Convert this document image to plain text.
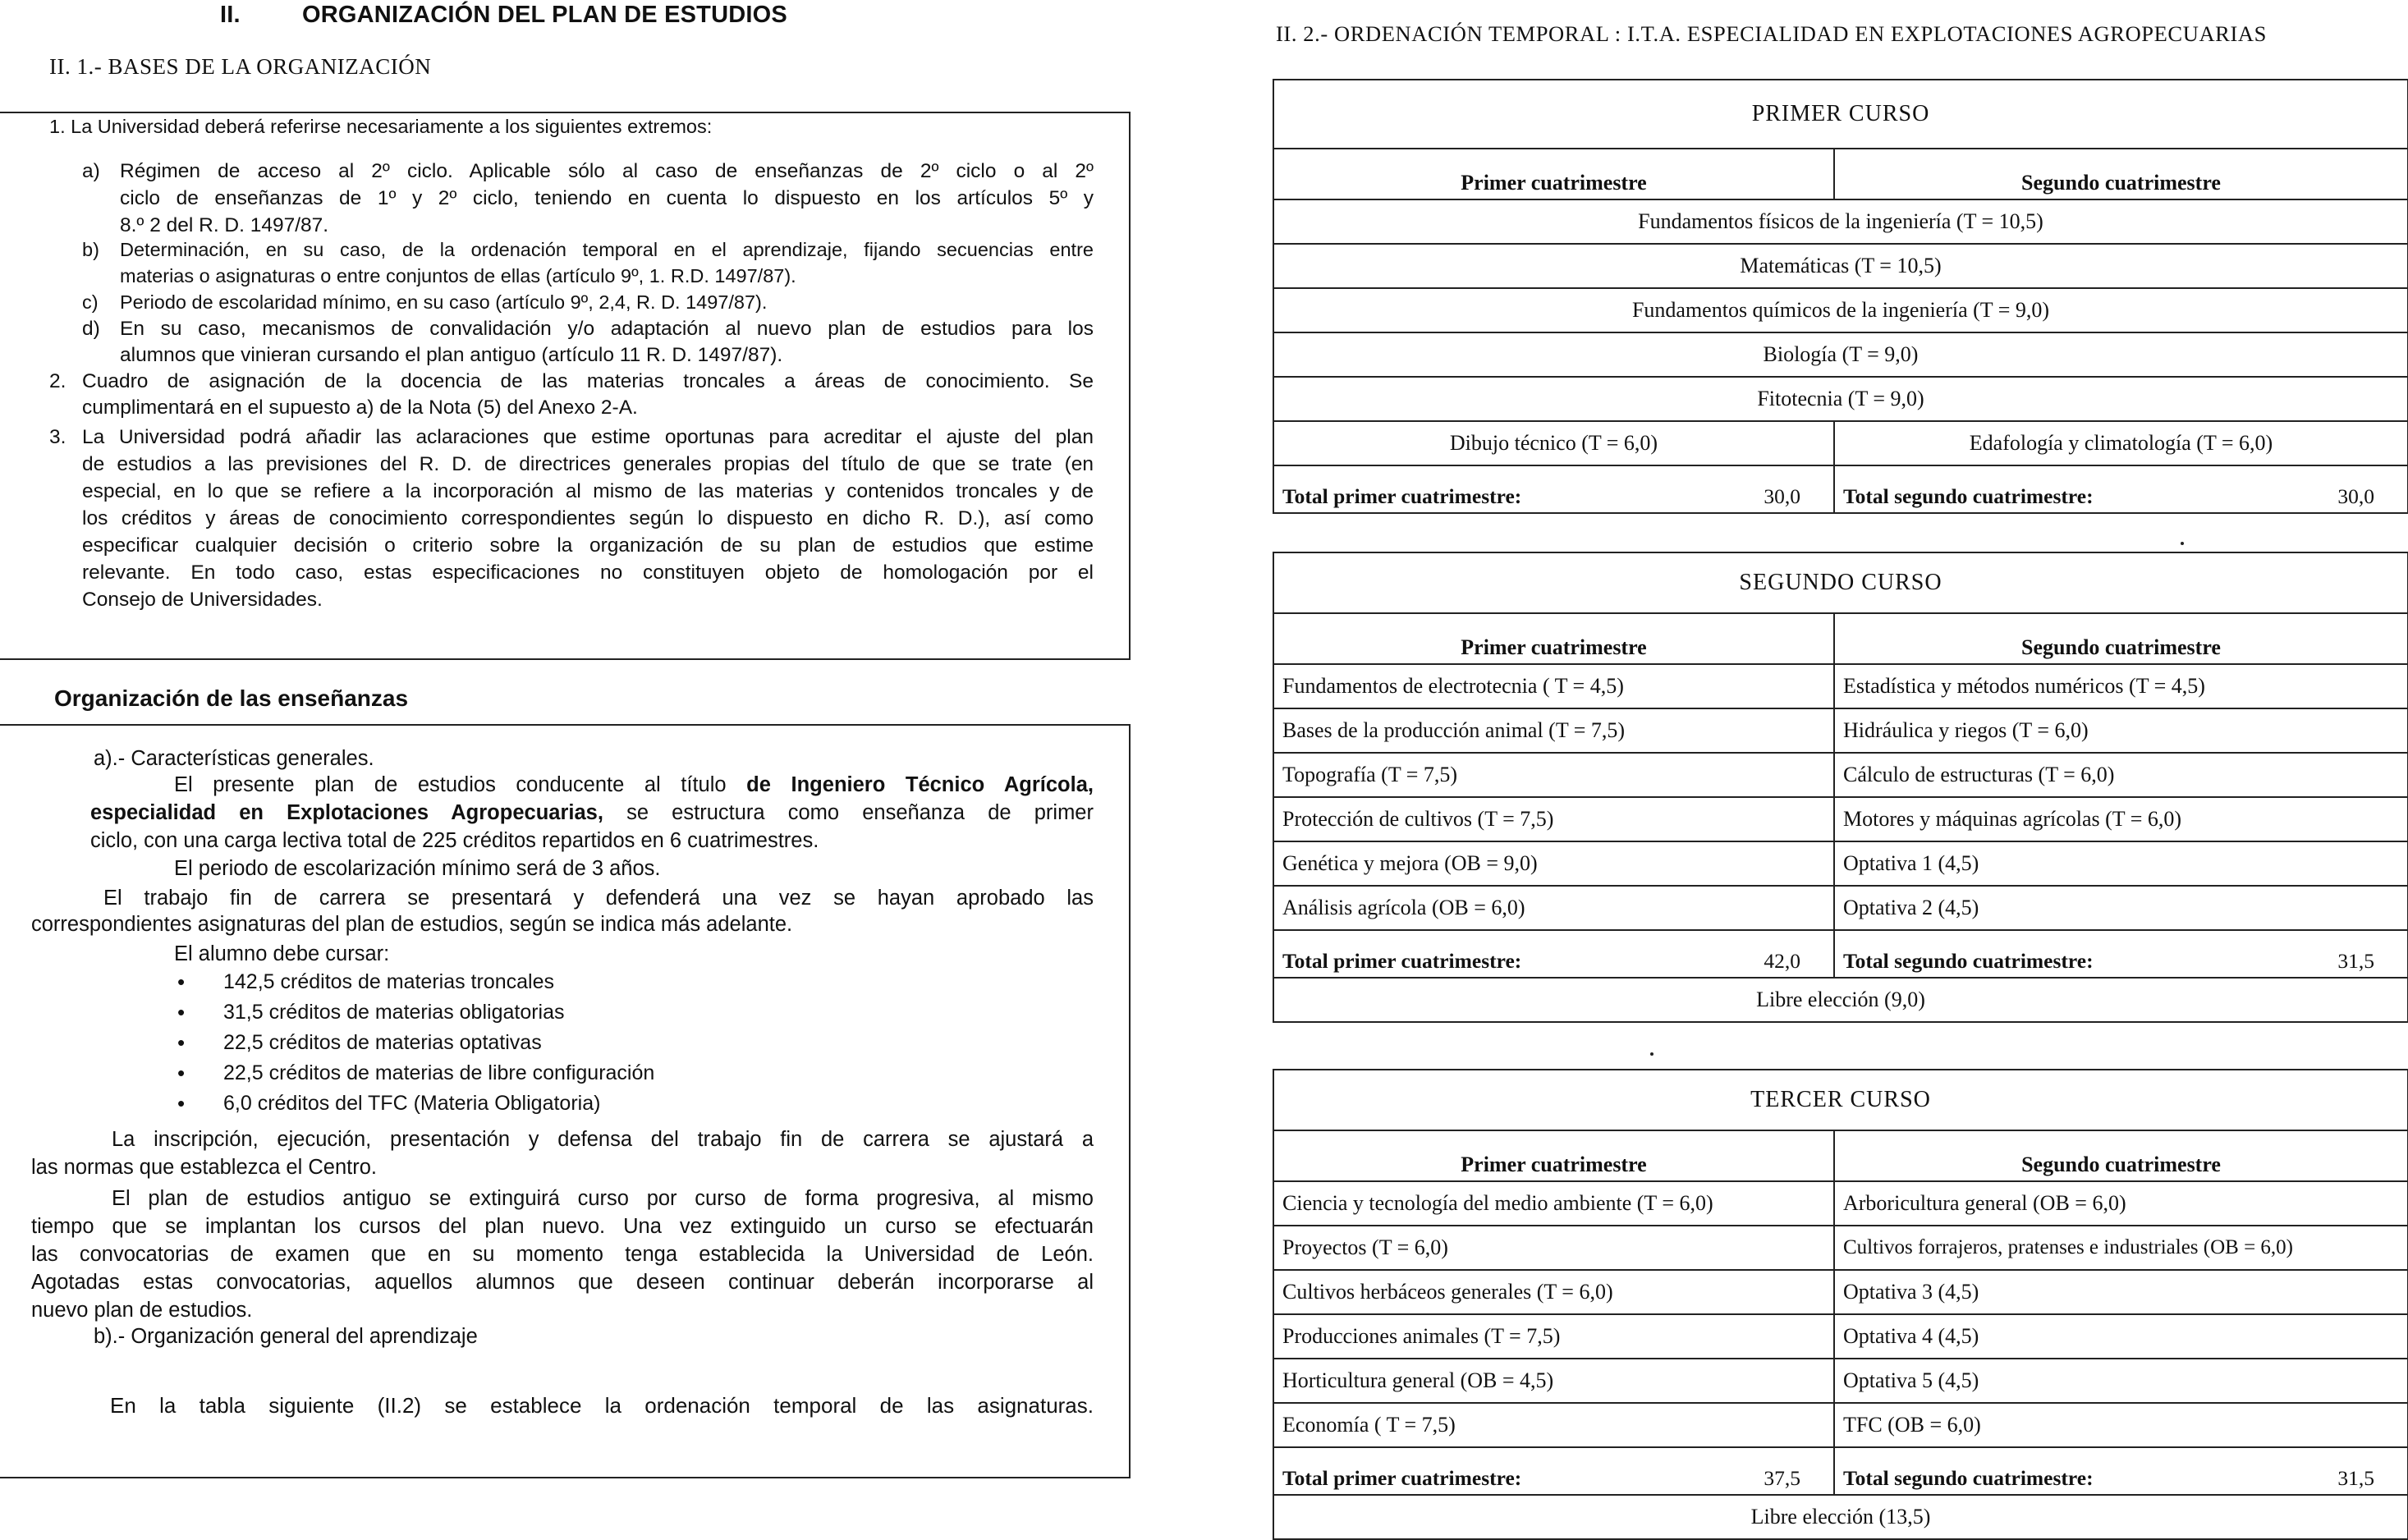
II.	ORGANIZACIÓN DEL PLAN DE ESTUDIOS
II. 1.- BASES DE LA ORGANIZACIÓN
1. La Universidad deberá referirse necesariamente a los siguientes extremos:
a) Régimen de acceso al 2º ciclo. Aplicable sólo al caso de enseñanzas de 2º ciclo o al 2º
ciclo de enseñanzas de 1º y 2º ciclo, teniendo en cuenta lo dispuesto en los artículos 5º y
8.º 2 del R. D. 1497/87.
b) Determinación, en su caso, de la ordenación temporal en el aprendizaje, fijando secuencias entre
materias o asignaturas o entre conjuntos de ellas (artículo 9º, 1. R.D. 1497/87).
c) Periodo de escolaridad mínimo, en su caso (artículo 9º, 2,4, R. D. 1497/87).
d) En su caso, mecanismos de convalidación y/o adaptación al nuevo plan de estudios para los
alumnos que vinieran cursando el plan antiguo (artículo 11 R. D. 1497/87).
2. Cuadro de asignación de la docencia de las materias troncales a áreas de conocimiento. Se
cumplimentará en el supuesto a) de la Nota (5) del Anexo 2-A.
3. La Universidad podrá añadir las aclaraciones que estime oportunas para acreditar el ajuste del plan
de estudios a las previsiones del R. D. de directrices generales propias del título de que se trate (en
especial, en lo que se refiere a la incorporación al mismo de las materias y contenidos troncales y de
los créditos y áreas de conocimiento correspondientes según lo dispuesto en dicho R. D.), así como
especificar cualquier decisión o criterio sobre la organización de su plan de estudios que estime
relevante. En todo caso, estas especificaciones no constituyen objeto de homologación por el
Consejo de Universidades.
Organización de las enseñanzas
a).- Características generales.
El presente plan de estudios conducente al título de Ingeniero Técnico Agrícola,
especialidad en Explotaciones Agropecuarias, se estructura como enseñanza de primer
ciclo, con una carga lectiva total de 225 créditos repartidos en 6 cuatrimestres.
El periodo de escolarización mínimo será de 3 años.
El trabajo fin de carrera se presentará y defenderá una vez se hayan aprobado las
correspondientes asignaturas del plan de estudios, según se indica más adelante.
El alumno debe cursar:
• 142,5 créditos de materias troncales
• 31,5 créditos de materias obligatorias
• 22,5 créditos de materias optativas
• 22,5 créditos de materias de libre configuración
• 6,0 créditos del TFC (Materia Obligatoria)
La inscripción, ejecución, presentación y defensa del trabajo fin de carrera se ajustará a
las normas que establezca el Centro.
El plan de estudios antiguo se extinguirá curso por curso de forma progresiva, al mismo
tiempo que se implantan los cursos del plan nuevo. Una vez extinguido un curso se efectuarán
las convocatorias de examen que en su momento tenga establecida la Universidad de León.
Agotadas estas convocatorias, aquellos alumnos que deseen continuar deberán incorporarse al
nuevo plan de estudios.
b).- Organización general del aprendizaje
En la tabla siguiente (II.2) se establece la ordenación temporal de las asignaturas.
II. 2.- ORDENACIÓN TEMPORAL : I.T.A. ESPECIALIDAD EN EXPLOTACIONES AGROPECUARIAS
PRIMER CURSO	
Primer cuatrimestre	Segundo cuatrimestre
Fundamentos físicos de la ingeniería (T = 10,5)	
Matemáticas (T = 10,5)	
Fundamentos químicos de la ingeniería (T = 9,0)	
Biología (T = 9,0)	
Fitotecnia (T = 9,0)	
Dibujo técnico (T = 6,0)	Edafología y climatología (T = 6,0)
Total primer cuatrimestre: 30,0	Total segundo cuatrimestre: 30,0
SEGUNDO CURSO	
Primer cuatrimestre	Segundo cuatrimestre
Fundamentos de electrotecnia ( T = 4,5)	Estadística y métodos numéricos (T = 4,5)
Bases de la producción animal (T = 7,5)	Hidráulica y riegos (T = 6,0)
Topografía (T = 7,5)	Cálculo de estructuras (T = 6,0)
Protección de cultivos (T = 7,5)	Motores y máquinas agrícolas (T = 6,0)
Genética y mejora (OB = 9,0)	Optativa 1 (4,5)
Análisis agrícola (OB = 6,0)	Optativa 2 (4,5)
Total primer cuatrimestre: 42,0	Total segundo cuatrimestre: 31,5

Libre elección (9,0)	
TERCER CURSO	
Primer cuatrimestre	Segundo cuatrimestre
Ciencia y tecnología del medio ambiente (T = 6,0)	Arboricultura general (OB = 6,0)
Proyectos (T = 6,0)	Cultivos forrajeros, pratenses e industriales (OB = 6,0)
Cultivos herbáceos generales (T = 6,0)	Optativa 3 (4,5)
Producciones animales (T = 7,5)	Optativa 4 (4,5)
Horticultura general (OB = 4,5)	Optativa 5 (4,5)
Economía ( T = 7,5)	TFC (OB = 6,0)
Total primer cuatrimestre: 37,5	Total segundo cuatrimestre: 31,5

Libre elección (13,5)	
